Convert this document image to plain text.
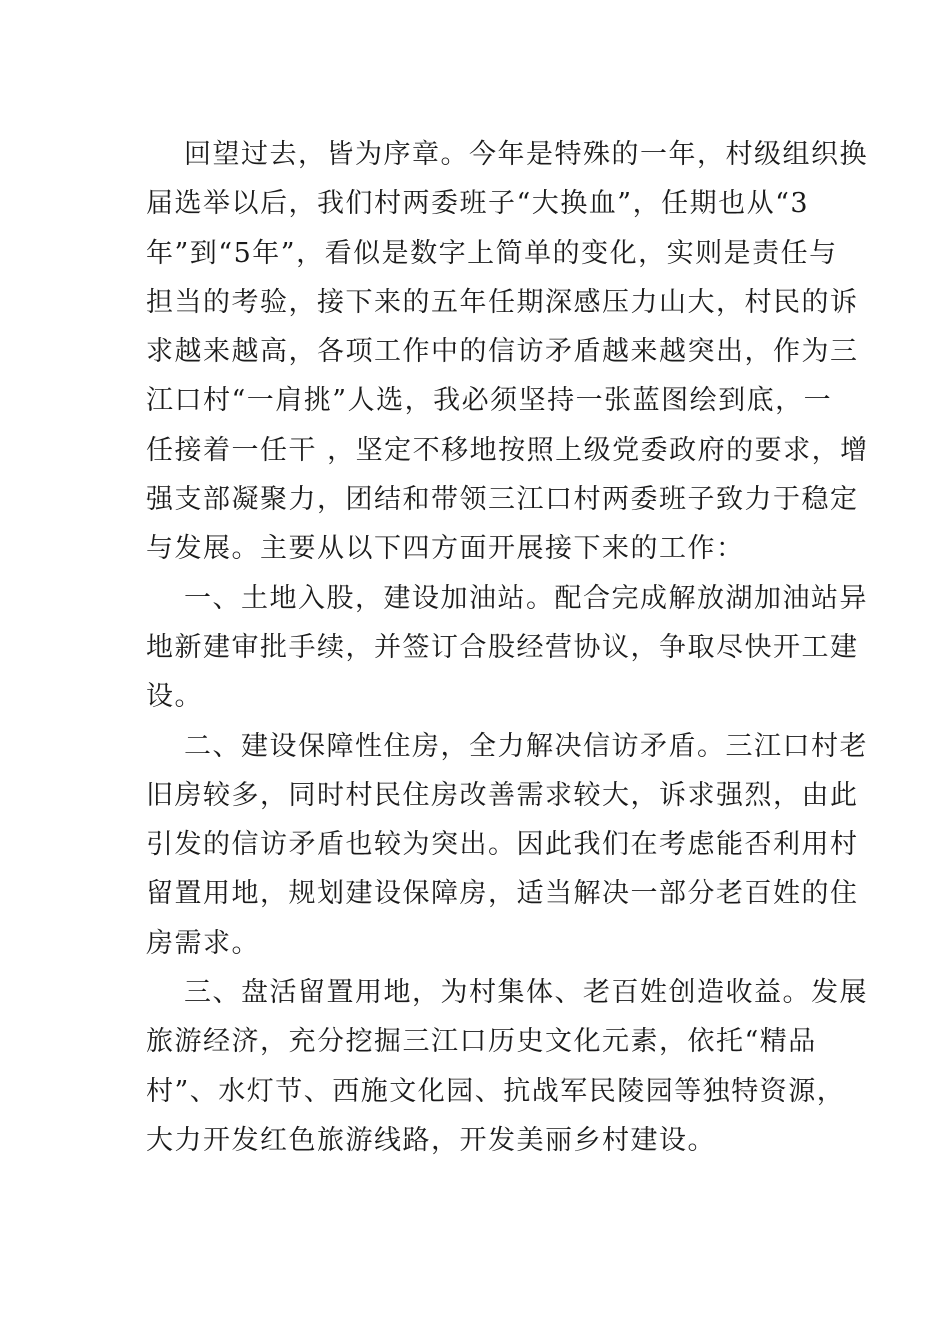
回望过去，皆为序章。今年是特殊的一年，村级组织换
届选举以后，我们村两委班子“大换血”，任期也从“3
年”到“5年”，看似是数字上简单的变化，实则是责任与
担当的考验，接下来的五年任期深感压力山大，村民的诉
求越来越高，各项工作中的信访矛盾越来越突出，作为三
江口村“一肩挑”人选，我必须坚持一张蓝图绘到底，一
任接着一任干 ，坚定不移地按照上级党委政府的要求，增
强支部凝聚力，团结和带领三江口村两委班子致力于稳定
与发展。主要从以下四方面开展接下来的工作：
一、土地入股，建设加油站。配合完成解放湖加油站异
地新建审批手续，并签订合股经营协议，争取尽快开工建
设。
二、建设保障性住房，全力解决信访矛盾。三江口村老
旧房较多，同时村民住房改善需求较大，诉求强烈，由此
引发的信访矛盾也较为突出。因此我们在考虑能否利用村
留置用地，规划建设保障房，适当解决一部分老百姓的住
房需求。
三、盘活留置用地，为村集体、老百姓创造收益。发展
旅游经济，充分挖掘三江口历史文化元素，依托“精品
村”、水灯节、西施文化园、抗战军民陵园等独特资源，
大力开发红色旅游线路，开发美丽乡村建设。
